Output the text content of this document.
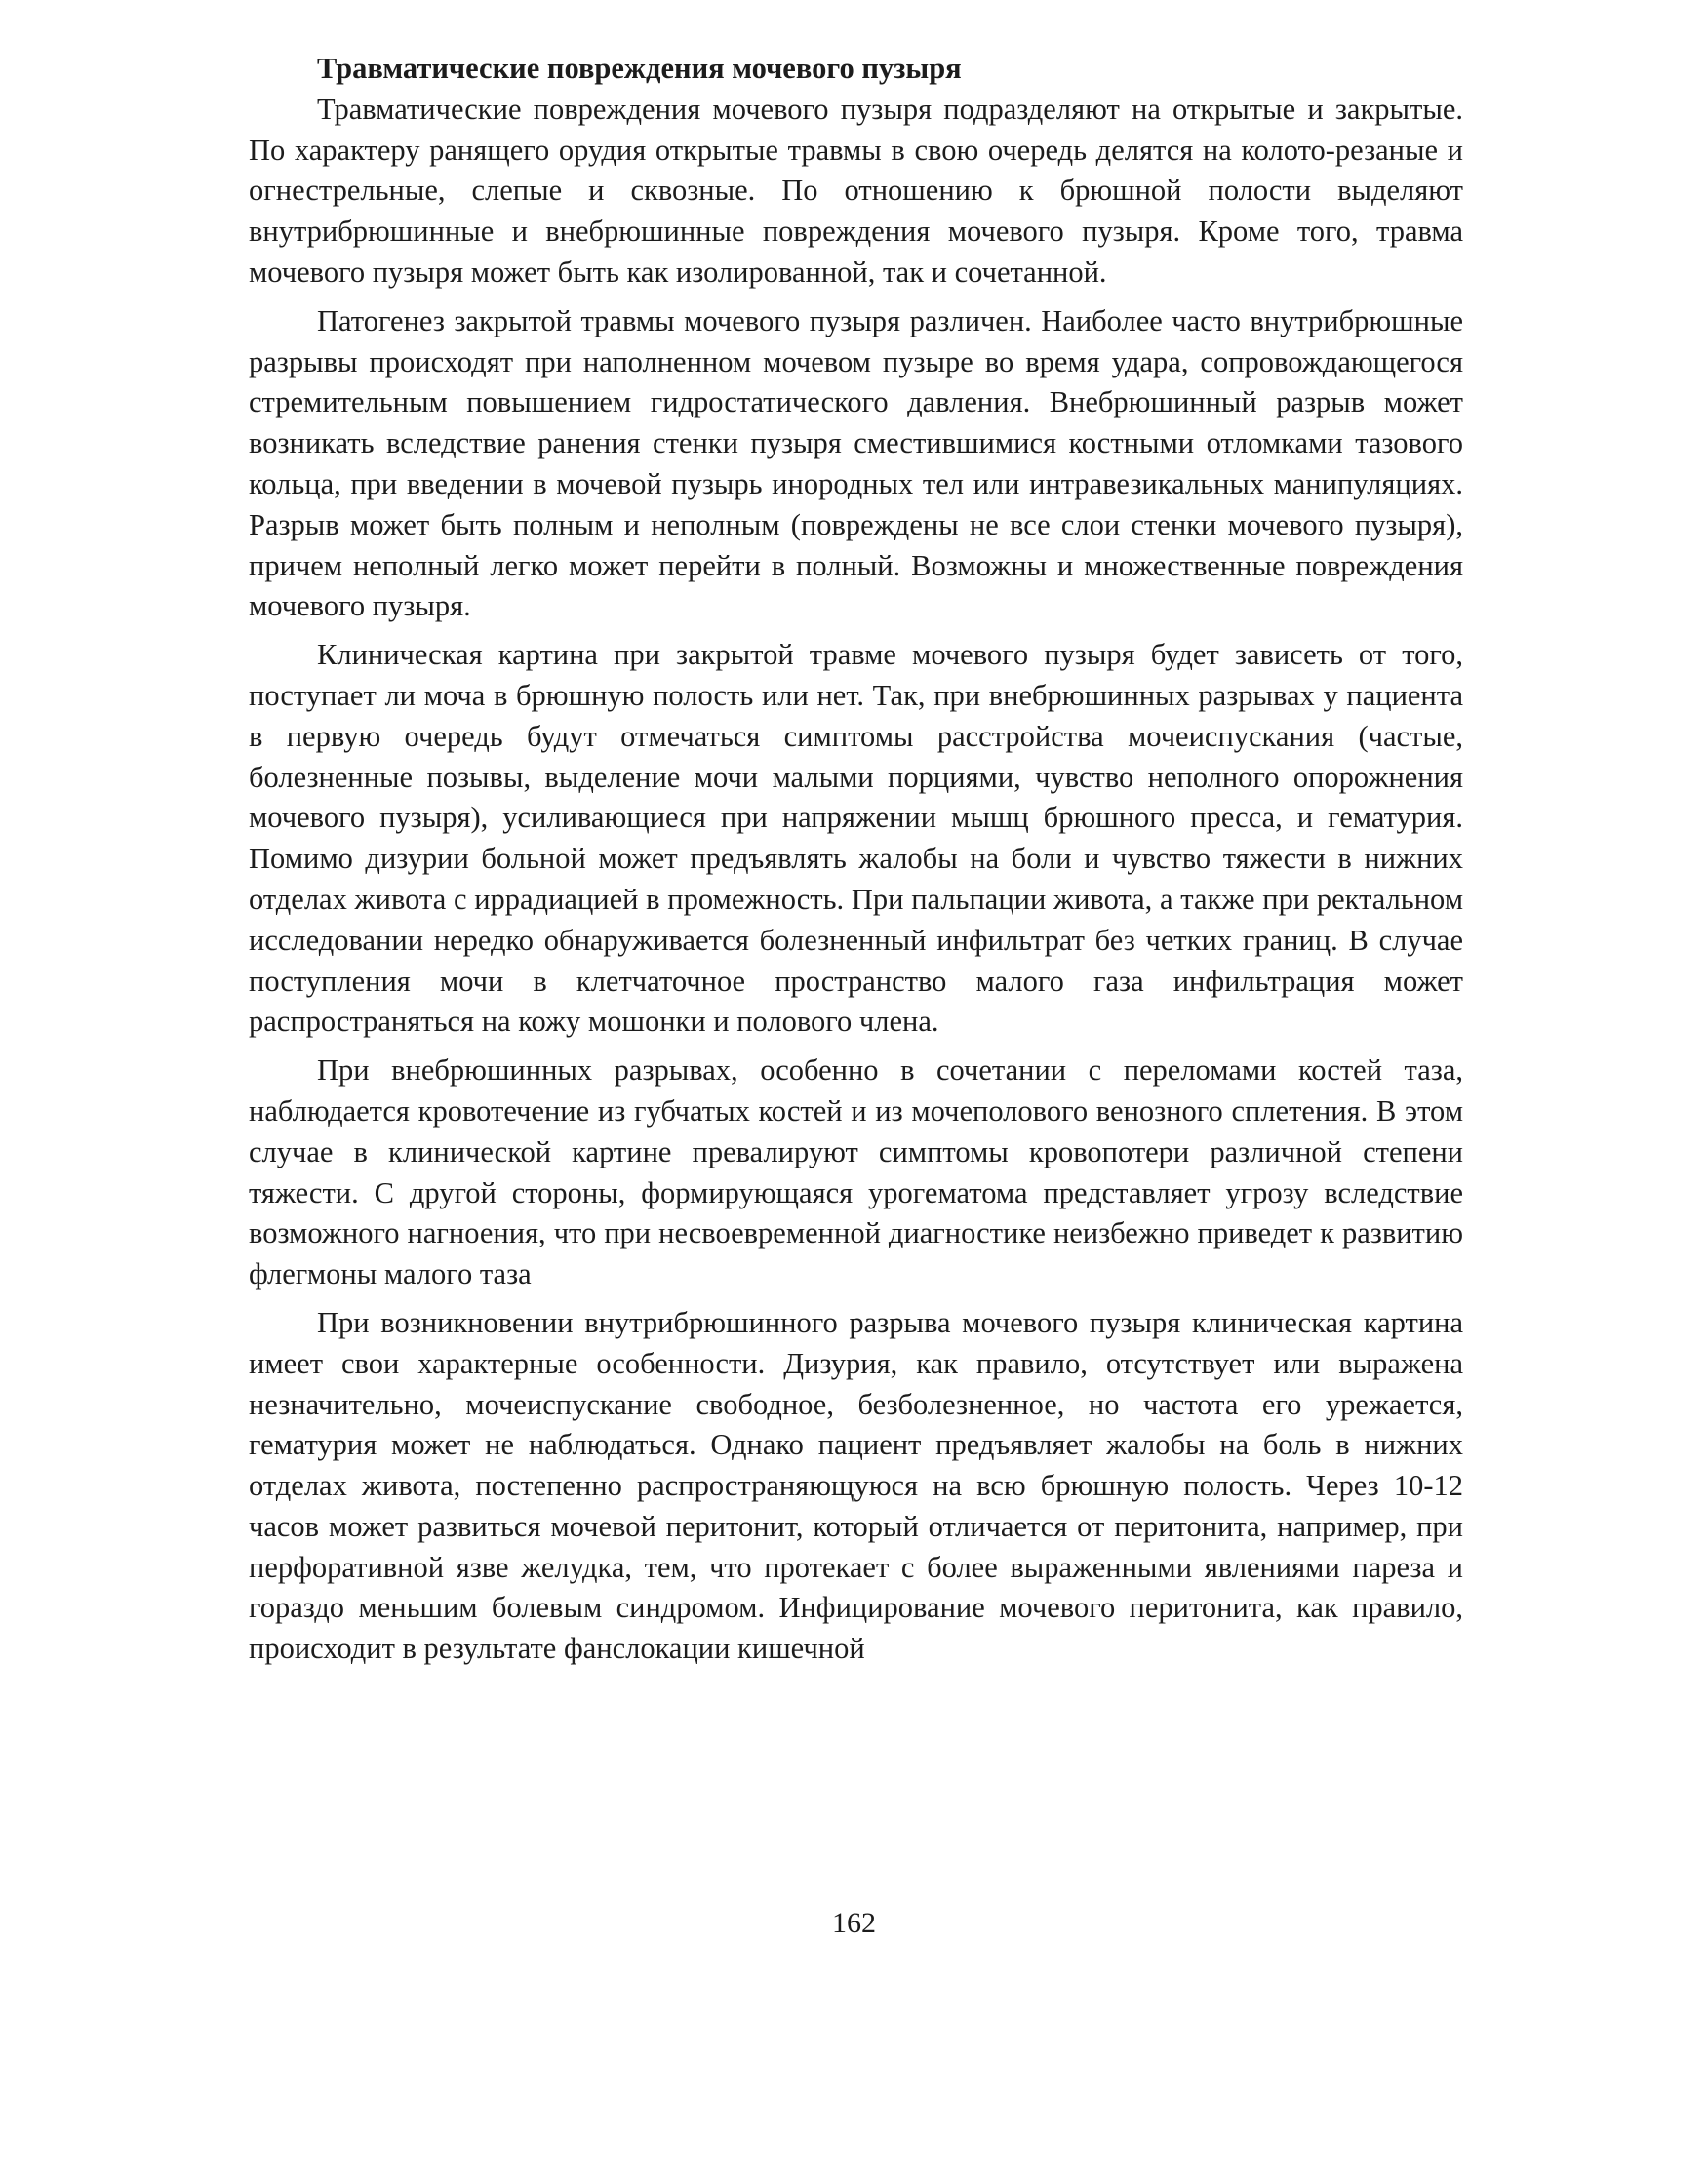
Травматические повреждения мочевого пузыря

Травматические повреждения мочевого пузыря подразделяют на открытые и закрытые. По характеру ранящего орудия открытые травмы в свою очередь делятся на колото-резаные и огнестрельные, слепые и сквозные. По отношению к брюшной полости выделяют внутрибрюшинные и внебрюшинные повреждения мочевого пузыря. Кроме того, травма мочевого пузыря может быть как изолированной, так и сочетанной.

Патогенез закрытой травмы мочевого пузыря различен. Наиболее часто внутрибрюшные разрывы происходят при наполненном мочевом пузыре во время удара, сопровождающегося стремительным повышением гидростатического давления. Внебрюшинный разрыв может возникать вследствие ранения стенки пузыря сместившимися костными отломками тазового кольца, при введении в мочевой пузырь инородных тел или интравезикальных манипуляциях. Разрыв может быть полным и неполным (повреждены не все слои стенки мочевого пузыря), причем неполный легко может перейти в полный. Возможны и множественные повреждения мочевого пузыря.

Клиническая картина при закрытой травме мочевого пузыря будет зависеть от того, поступает ли моча в брюшную полость или нет. Так, при внебрюшинных разрывах у пациента в первую очередь будут отмечаться симптомы расстройства мочеиспускания (частые, болезненные позывы, выделение мочи малыми порциями, чувство неполного опорожнения мочевого пузыря), усиливающиеся при напряжении мышц брюшного пресса, и гематурия. Помимо дизурии больной может предъявлять жалобы на боли и чувство тяжести в нижних отделах живота с иррадиацией в промежность. При пальпации живота, а также при ректальном исследовании нередко обнаруживается болезненный инфильтрат без четких границ. В случае поступления мочи в клетчаточное пространство малого газа инфильтрация может распространяться на кожу мошонки и полового члена.

При внебрюшинных разрывах, особенно в сочетании с переломами костей таза, наблюдается кровотечение из губчатых костей и из мочеполового венозного сплетения. В этом случае в клинической картине превалируют симптомы кровопотери различной степени тяжести. С другой стороны, формирующаяся урогематома представляет угрозу вследствие возможного нагноения, что при несвоевременной диагностике неизбежно приведет к развитию флегмоны малого таза

При возникновении внутрибрюшинного разрыва мочевого пузыря клиническая картина имеет свои характерные особенности. Дизурия, как правило, отсутствует или выражена незначительно, мочеиспускание свободное, безболезненное, но частота его урежается, гематурия может не наблюдаться. Однако пациент предъявляет жалобы на боль в нижних отделах живота, постепенно распространяющуюся на всю брюшную полость. Через 10-12 часов может развиться мочевой перитонит, который отличается от перитонита, например, при перфоративной язве желудка, тем, что протекает с более выраженными явлениями пареза и гораздо меньшим болевым синдромом. Инфицирование мочевого перитонита, как правило, происходит в результате фанслокации кишечной

162
